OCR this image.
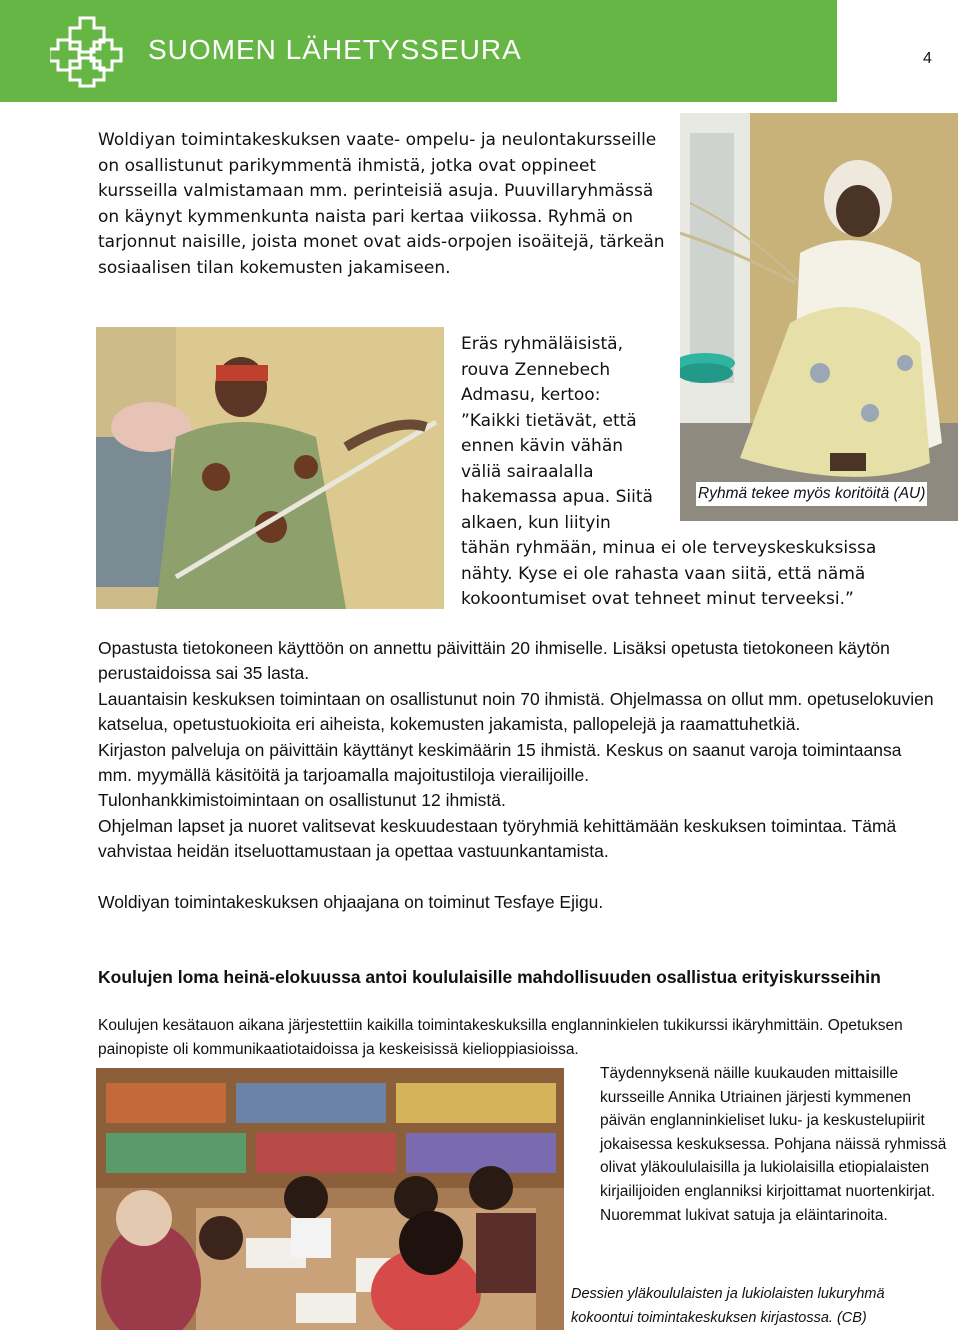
SUOMEN LÄHETYSSEURA	4

Woldiyan toimintakeskuksen vaate- ompelu- ja neulontakursseille on osallistunut parikymmentä ihmistä, jotka ovat oppineet kursseilla valmistamaan mm. perinteisiä asuja. Puuvillaryhmässä on käynyt kymmenkunta naista pari kertaa viikossa. Ryhmä on tarjonnut naisille, joista monet ovat aids-orpojen isoäitejä, tärkeän sosiaalisen tilan kokemusten jakamiseen.

Ryhmä tekee myös koritöitä (AU)
Eräs ryhmäläisistä, rouva Zennebech Admasu, kertoo: ”Kaikki tietävät, että ennen kävin vähän väliä sairaalalla hakemassa apua. Siitä alkaen, kun liityin tähän ryhmään, minua ei ole terveyskeskuksissa nähty. Kyse ei ole rahasta vaan siitä, että nämä kokoontumiset ovat tehneet minut terveeksi.”
Opastusta tietokoneen käyttöön on annettu päivittäin 20 ihmiselle. Lisäksi opetusta tietokoneen käytön perustaidoissa sai 35 lasta.
Lauantaisin keskuksen toimintaan on osallistunut noin 70 ihmistä. Ohjelmassa on ollut mm. opetuselokuvien katselua, opetustuokioita eri aiheista, kokemusten jakamista, pallopelejä ja raamattuhetkiä.
Kirjaston palveluja on päivittäin käyttänyt keskimäärin 15 ihmistä. Keskus on saanut varoja toimintaansa mm. myymällä käsitöitä ja tarjoamalla majoitustiloja vierailijoille.
Tulonhankkimistoimintaan on osallistunut 12 ihmistä.
Ohjelman lapset ja nuoret valitsevat keskuudestaan työryhmiä kehittämään keskuksen toimintaa. Tämä vahvistaa heidän itseluottamustaan ja opettaa vastuunkantamista.
Woldiyan toimintakeskuksen ohjaajana on toiminut Tesfaye Ejigu.
Koulujen loma heinä-elokuussa antoi koululaisille mahdollisuuden osallistua erityiskursseihin
Koulujen kesätauon aikana järjestettiin kaikilla toimintakeskuksilla englanninkielen tukikurssi ikäryhmittäin. Opetuksen painopiste oli kommunikaatiotaidoissa ja keskeisissä kielioppiasioissa.
Täydennyksenä näille kuukauden mittaisille kursseille Annika Utriainen järjesti kymmenen päivän englanninkieliset luku- ja keskustelupiirit jokaisessa keskuksessa. Pohjana näissä ryhmissä olivat yläkoululaisilla ja lukiolaisilla etiopialaisten kirjailijoiden englanniksi kirjoittamat nuortenkirjat. Nuoremmat lukivat satuja ja eläintarinoita.
Dessien yläkoululaisten ja lukiolaisten lukuryhmä kokoontui toimintakeskuksen kirjastossa. (CB)
